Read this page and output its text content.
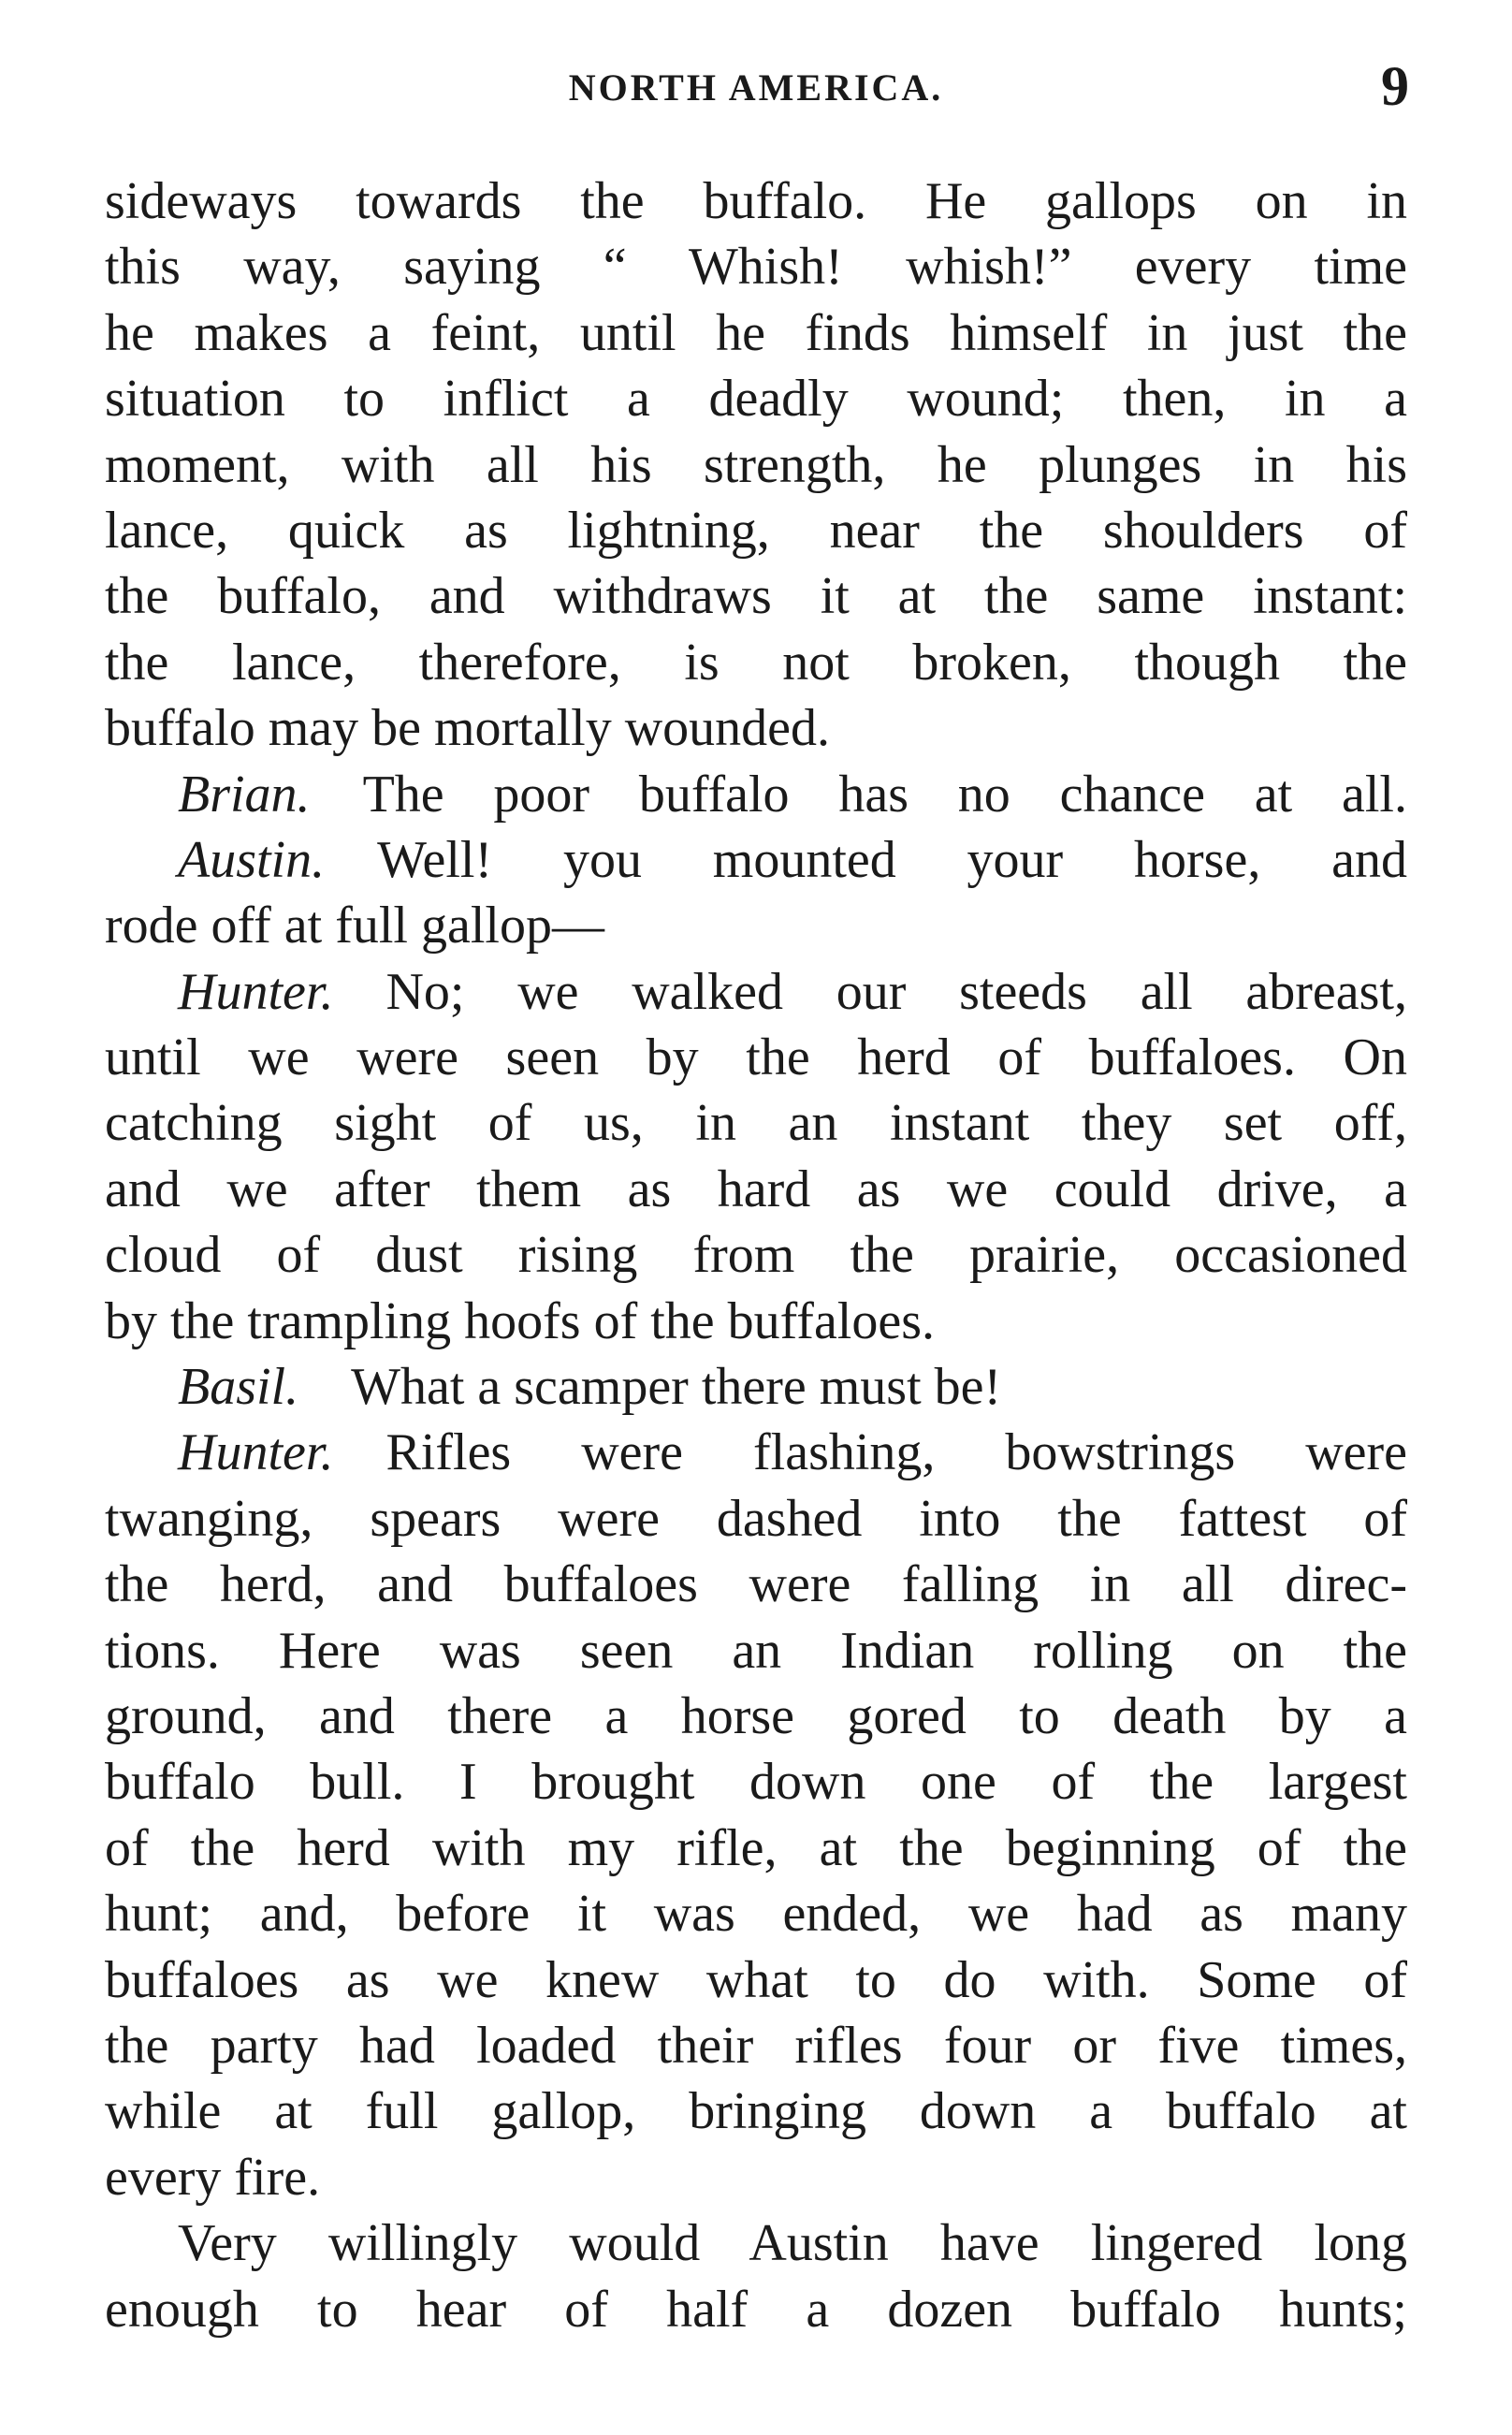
NORTH AMERICA.	9
sideways towards the buffalo. He gallops on in
this way, saying “ Whish! whish!” every time
he makes a feint, until he finds himself in just the
situation to inflict a deadly wound; then, in a
moment, with all his strength, he plunges in his
lance, quick as lightning, near the shoulders of
the buffalo, and withdraws it at the same instant:
the lance, therefore, is not broken, though the
buffalo may be mortally wounded.
Brian.  The poor buffalo has no chance at all.
Austin.  Well! you mounted your horse, and
rode off at full gallop—
Hunter.  No; we walked our steeds all abreast,
until we were seen by the herd of buffaloes. On
catching sight of us, in an instant they set off,
and we after them as hard as we could drive, a
cloud of dust rising from the prairie, occasioned
by the trampling hoofs of the buffaloes.
Basil.  What a scamper there must be!
Hunter.  Rifles were flashing, bowstrings were
twanging, spears were dashed into the fattest of
the herd, and buffaloes were falling in all direc-
tions. Here was seen an Indian rolling on the
ground, and there a horse gored to death by a
buffalo bull. I brought down one of the largest
of the herd with my rifle, at the beginning of the
hunt; and, before it was ended, we had as many
buffaloes as we knew what to do with. Some of
the party had loaded their rifles four or five times,
while at full gallop, bringing down a buffalo at
every fire.
Very willingly would Austin have lingered long
enough to hear of half a dozen buffalo hunts;
